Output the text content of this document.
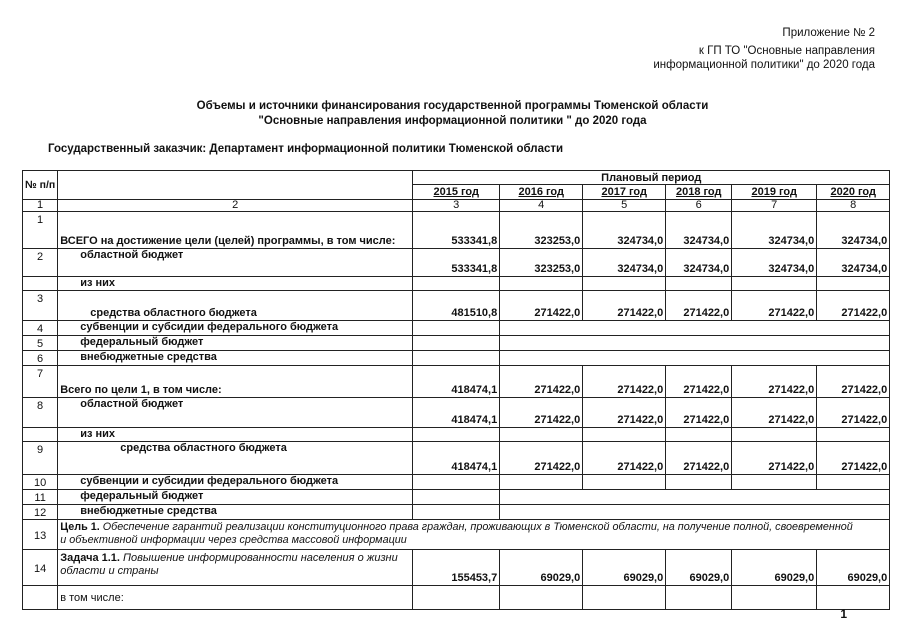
Приложение № 2
к ГП ТО "Основные направления
информационной политики" до 2020 года
Объемы и источники финансирования государственной программы Тюменской области
"Основные направления информационной политики " до 2020 года
Государственный заказчик: Департамент информационной политики Тюменской области
№ п/п		Плановый период					
		2015 год	2016 год	2017 год	2018 год	2019 год	2020 год
1	2	3	4	5	6	7	8
1	ВСЕГО на достижение цели (целей) программы, в том числе:	533341,8	323253,0	324734,0	324734,0	324734,0	324734,0
2	областной бюджет	533341,8	323253,0	324734,0	324734,0	324734,0	324734,0
	из них						
3	средства областного бюджета	481510,8	271422,0	271422,0	271422,0	271422,0	271422,0
4	субвенции и субсидии федерального бюджета						
5	федеральный бюджет						
6	внебюджетные средства						
7	Всего по цели 1, в том числе:	418474,1	271422,0	271422,0	271422,0	271422,0	271422,0
8	областной бюджет	418474,1	271422,0	271422,0	271422,0	271422,0	271422,0
	из них						
9	средства областного бюджета	418474,1	271422,0	271422,0	271422,0	271422,0	271422,0
10	субвенции и субсидии федерального бюджета						
11	федеральный бюджет						
12	внебюджетные средства						
13	Цель 1. Обеспечение гарантий реализации конституционного права граждан, проживающих в Тюменской области, на получение полной, своевременной
и объективной информации через средства массовой информации						
14	Задача 1.1. Повышение информированности населения о жизни
области и страны	155453,7	69029,0	69029,0	69029,0	69029,0	69029,0
	в том числе:						
1
